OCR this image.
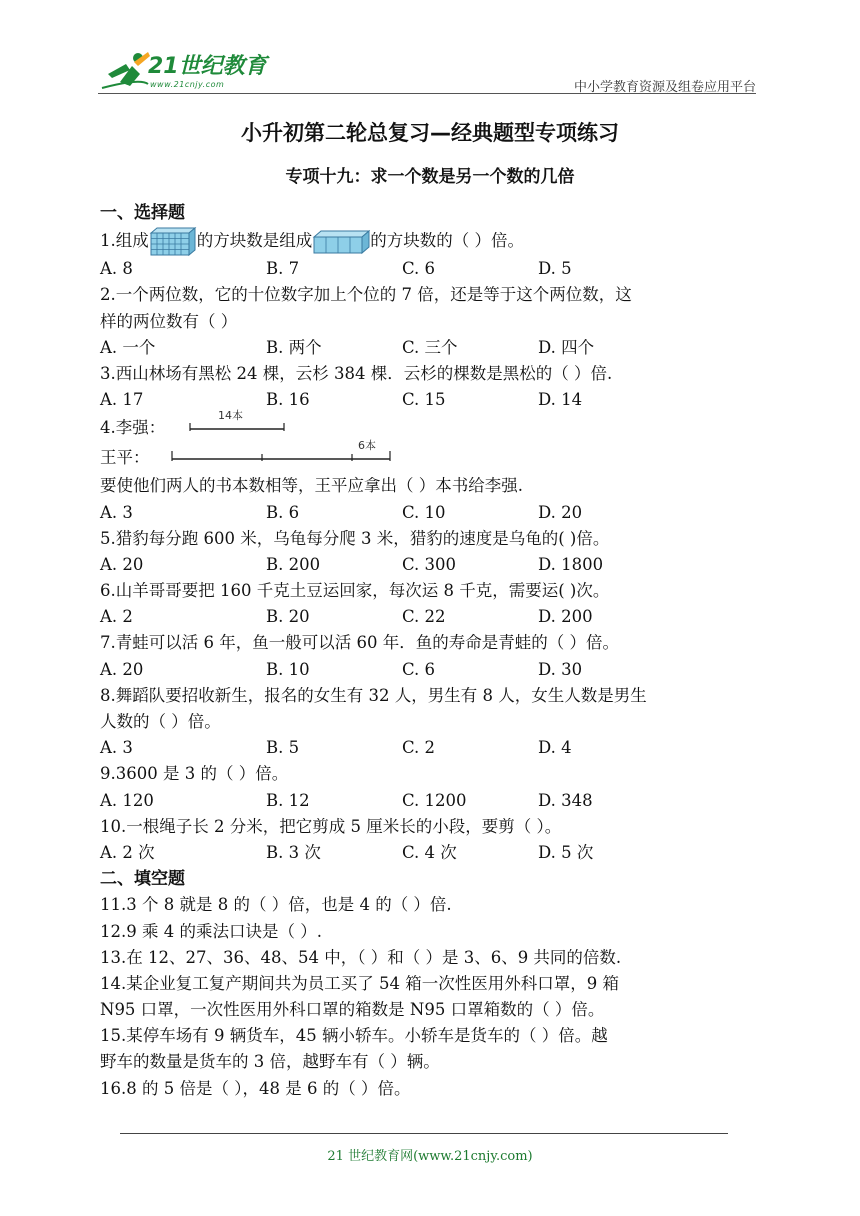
21世纪教育
www.21cnjy.com	中小学教育资源及组卷应用平台
小升初第二轮总复习—经典题型专项练习
专项十九：求一个数是另一个数的几倍
一、选择题
1.组成	的方块数是组成	的方块数的（ ）倍。
A. 8	B. 7	C. 6	D. 5
2.一个两位数，它的十位数字加上个位的 7 倍，还是等于这个两位数，这
样的两位数有（ ）
A. 一个	B. 两个	C. 三个	D. 四个
3.西山林场有黑松 24 棵，云杉 384 棵．云杉的棵数是黑松的（ ）倍.
A. 17	B. 16	C. 15	D. 14
4.李强：
14本
王平：
6本
要使他们两人的书本数相等，王平应拿出（ ）本书给李强.
A. 3	B. 6	C. 10	D. 20
5.猎豹每分跑 600 米，乌龟每分爬 3 米，猎豹的速度是乌龟的( )倍。
A. 20	B. 200	C. 300	D. 1800
6.山羊哥哥要把 160 千克土豆运回家，每次运 8 千克，需要运( )次。
A. 2	B. 20	C. 22	D. 200
7.青蛙可以活 6 年，鱼一般可以活 60 年．鱼的寿命是青蛙的（ ）倍。
A. 20	B. 10	C. 6	D. 30
8.舞蹈队要招收新生，报名的女生有 32 人，男生有 8 人，女生人数是男生
人数的（ ）倍。
A. 3	B. 5	C. 2	D. 4
9.3600 是 3 的（ ）倍。
A. 120	B. 12	C. 1200	D. 348
10.一根绳子长 2 分米，把它剪成 5 厘米长的小段，要剪（ ）。
A. 2 次	B. 3 次	C. 4 次	D. 5 次
二、填空题
11.3 个 8 就是 8 的（ ）倍，也是 4 的（ ）倍.
12.9 乘 4 的乘法口诀是（ ）.
13.在 12、27、36、48、54 中，（ ）和（ ）是 3、6、9 共同的倍数.
14.某企业复工复产期间共为员工买了 54 箱一次性医用外科口罩，9 箱
N95 口罩，一次性医用外科口罩的箱数是 N95 口罩箱数的（ ）倍。
15.某停车场有 9 辆货车，45 辆小轿车。小轿车是货车的（ ）倍。越
野车的数量是货车的 3 倍，越野车有（ ）辆。
16.8 的 5 倍是（ ），48 是 6 的（ ）倍。
21 世纪教育网(www.21cnjy.com)
